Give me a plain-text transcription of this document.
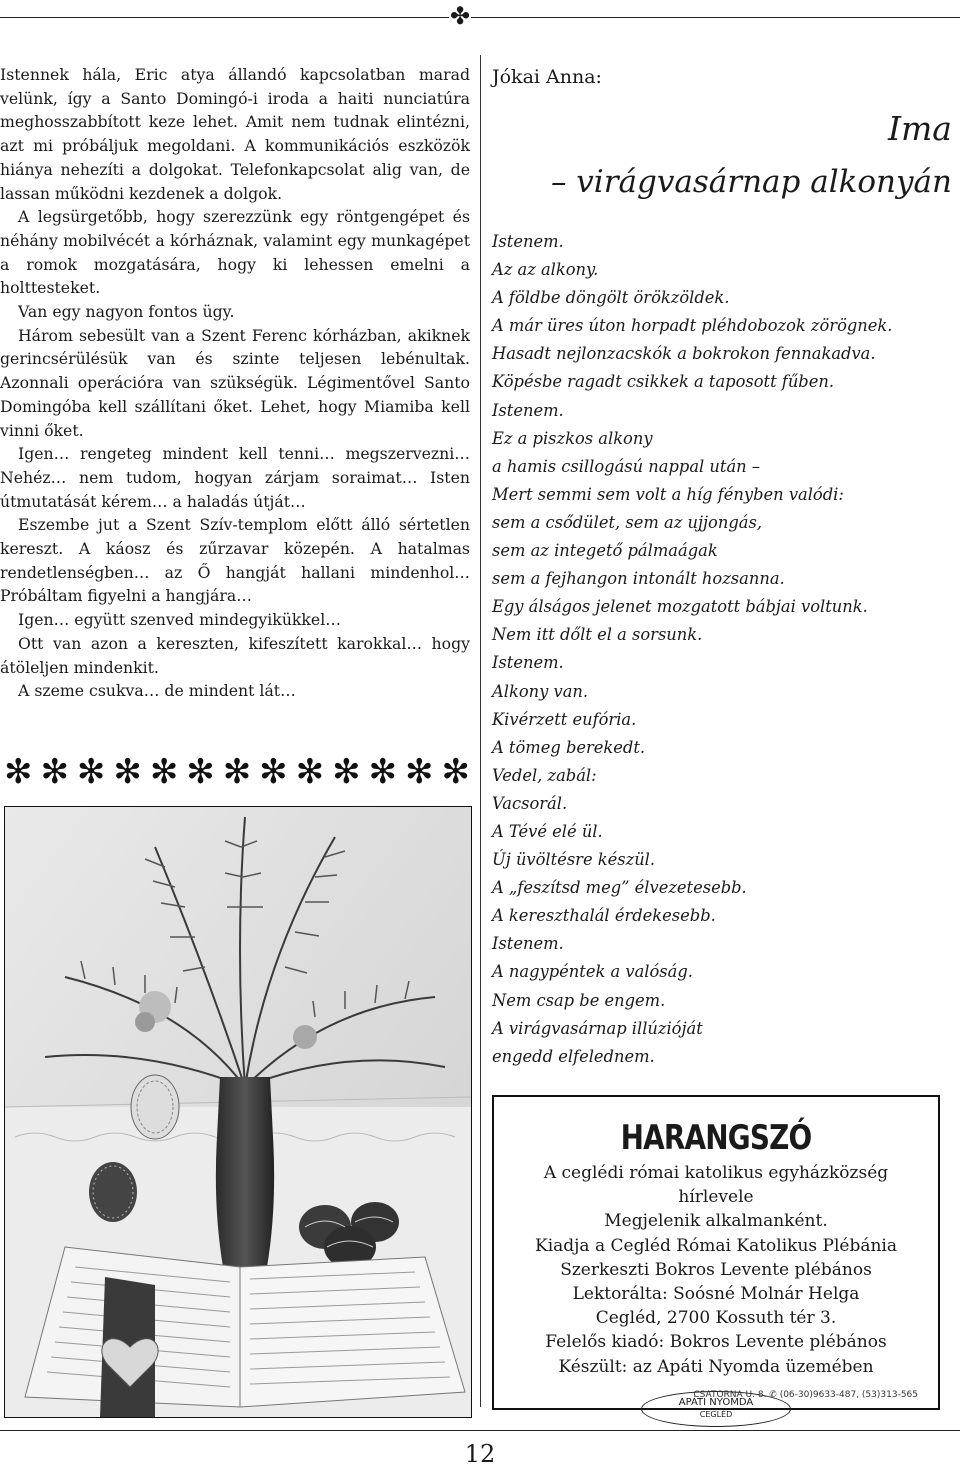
✤

Istennek hála, Eric atya állandó kapcsolatban marad velünk, így a Santo Domingó-i iroda a haiti nunciatúra meghosszabbított keze lehet. Amit nem tudnak elintézni, azt mi próbáljuk megoldani. A kommunikációs eszközök hiánya nehezíti a dolgokat. Telefonkapcsolat alig van, de lassan működni kezdenek a dolgok.

A legsürgetőbb, hogy szerezzünk egy röntgengépet és néhány mobilvécét a kórháznak, valamint egy munkagépet a romok mozgatására, hogy ki lehessen emelni a holttesteket.

Van egy nagyon fontos ügy.

Három sebesült van a Szent Ferenc kórházban, akiknek gerincsérülésük van és szinte teljesen lebénultak. Azonnali operációra van szükségük. Légimentővel Santo Domingóba kell szállítani őket. Lehet, hogy Miamiba kell vinni őket.

Igen… rengeteg mindent kell tenni… megszervezni… Nehéz… nem tudom, hogyan zárjam soraimat… Isten útmutatását kérem… a haladás útját…

Eszembe jut a Szent Szív-templom előtt álló sértetlen kereszt. A káosz és zűrzavar közepén. A hatalmas rendetlenségben… az Ő hangját hallani mindenhol… Próbáltam figyelni a hangjára…

Igen… együtt szenved mindegyikükkel…

Ott van azon a kereszten, kifeszített karokkal… hogy átöleljen mindenkit.

A szeme csukva… de mindent lát…

✻ ✻ ✻ ✻ ✻ ✻ ✻ ✻ ✻ ✻ ✻ ✻ ✻
Jókai Anna:
Ima
– virágvasárnap alkonyán
Istenem.
Az az alkony.
A földbe döngölt örökzöldek.
A már üres úton horpadt pléhdobozok zörögnek.
Hasadt nejlonzacskók a bokrokon fennakadva.
Köpésbe ragadt csikkek a taposott fűben.
Istenem.
Ez a piszkos alkony
a hamis csillogású nappal után –
Mert semmi sem volt a híg fényben valódi:
sem a csődület, sem az ujjongás,
sem az integető pálmaágak
sem a fejhangon intonált hozsanna.
Egy álságos jelenet mozgatott bábjai voltunk.
Nem itt dőlt el a sorsunk.
Istenem.
Alkony van.
Kivérzett eufória.
A tömeg berekedt.
Vedel, zabál:
Vacsorál.
A Tévé elé ül.
Új üvöltésre készül.
A „feszítsd meg” élvezetesebb.
A kereszthalál érdekesebb.
Istenem.
A nagypéntek a valóság.
Nem csap be engem.
A virágvasárnap illúzióját
engedd elfelednem.
HARANGSZÓ
A ceglédi római katolikus egyházközség
hírlevele
Megjelenik alkalmanként.
Kiadja a Cegléd Római Katolikus Plébánia
Szerkeszti Bokros Levente plébános
Lektorálta: Soósné Molnár Helga
Cegléd, 2700 Kossuth tér 3.
Felelős kiadó: Bokros Levente plébános
Készült: az Apáti Nyomda üzemében
APÁTI NYOMDA
CEGLÉD
CSATORNA U. 8. ✆ (06-30)9633-487, (53)313-565
12
